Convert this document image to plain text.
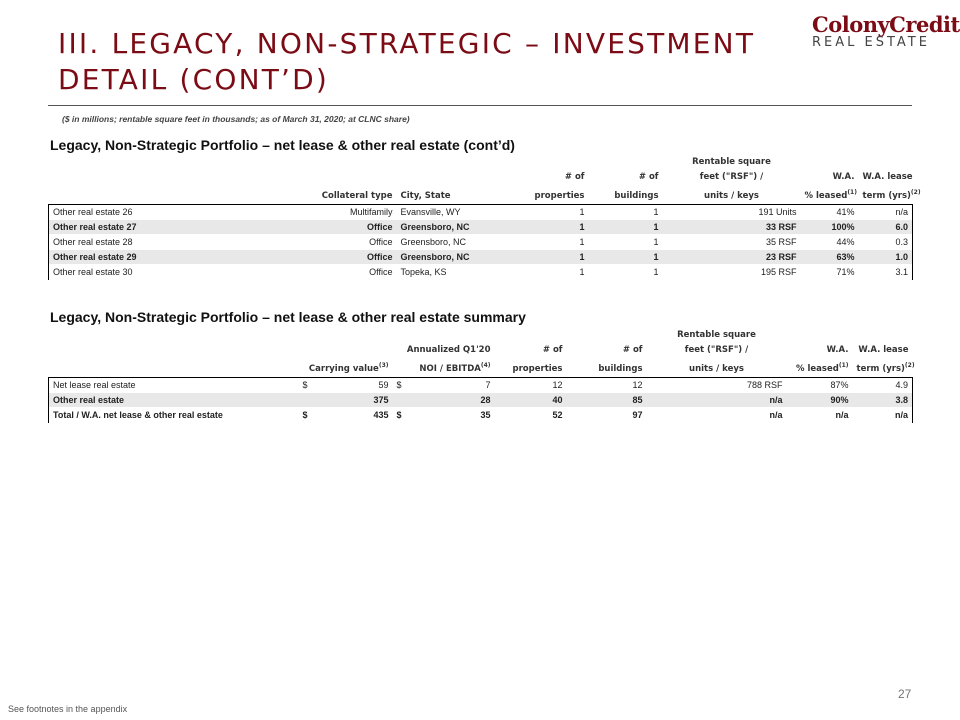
III. LEGACY, NON-STRATEGIC – INVESTMENT
DETAIL (CONT’D)
ColonyCredit
REAL ESTATE
($ in millions; rentable square feet in thousands; as of March 31, 2020; at CLNC share)
Legacy, Non-Strategic Portfolio – net lease & other real estate (cont’d)
					Rentable square		
			# of	# of	feet ("RSF") /	W.A.	W.A. lease
	Collateral type	City, State	properties	buildings	units / keys	% leased$^{(1)}$	term (yrs)$^{(2)}$
Other real estate 26	Multifamily	Evansville, WY	1	1	191 Units	41%	n/a
Other real estate 27	Office	Greensboro, NC	1	1	33 RSF	100%	6.0
Other real estate 28	Office	Greensboro, NC	1	1	35 RSF	44%	0.3
Other real estate 29	Office	Greensboro, NC	1	1	23 RSF	63%	1.0
Other real estate 30	Office	Topeka, KS	1	1	195 RSF	71%	3.1
Legacy, Non-Strategic Portfolio – net lease & other real estate summary
							Rentable square		
			Annualized Q1'20		# of	# of	feet ("RSF") /	W.A.	W.A. lease
	Carrying value$^{(3)}$		NOI / EBITDA$^{(4)}$		properties	buildings	units / keys	% leased$^{(1)}$	term (yrs)$^{(2)}$
Net lease real estate	$	59	$	7	12	12	788 RSF	87%	4.9
Other real estate		375		28	40	85	n/a	90%	3.8
Total / W.A. net lease & other real estate	$	435	$	35	52	97	n/a	n/a	n/a
27
See footnotes in the appendix
